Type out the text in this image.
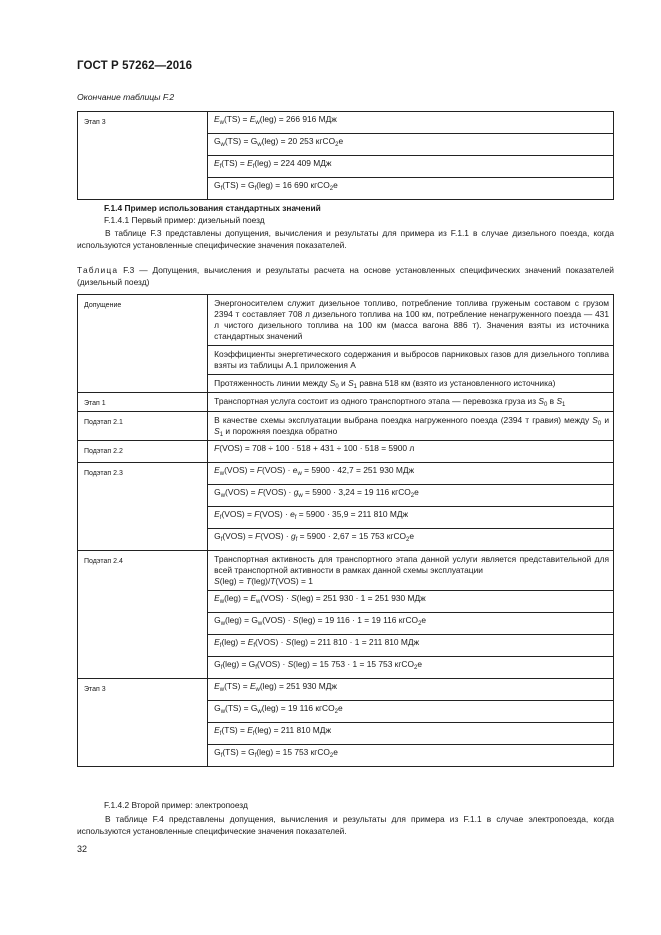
ГОСТ Р 57262—2016
Окончание таблицы F.2
Этап 3	$E_w(TS) = E_w(leg) = 266$ 916 МДж
$G_w(TS) = G_w(leg) = 20$ 253 кгCO$_2$e
$E_f(TS) = E_f(leg) = 224$ 409 МДж
$G_f(TS) = G_f(leg) = 16$ 690 кгCO$_2$e
F.1.4 Пример использования стандартных значений
F.1.4.1 Первый пример: дизельный поезд
В таблице F.3 представлены допущения, вычисления и результаты для примера из F.1.1 в случае дизельного поезда, когда используются установленные специфические значения показателей.
Таблица F.3 — Допущения, вычисления и результаты расчета на основе установленных специфических значений показателей (дизельный поезд)
Допущение	Энергоносителем служит дизельное топливо, потребление топлива груженым составом с грузом 2394 т составляет 708 л дизельного топлива на 100 км, потребление ненагруженного поезда — 431 л чистого дизельного топлива на 100 км (масса вагона 886 т). Значения взяты из источника стандартных значений
	Коэффициенты энергетического содержания и выбросов парниковых газов для дизельного топлива взяты из таблицы А.1 приложения А
	Протяженность линии между $S_0$ и $S_1$ равна 518 км (взято из установленного источника)
Этап 1	Транспортная услуга состоит из одного транспортного этапа — перевозка груза из $S_0$ в $S_1$
Подэтап 2.1	В качестве схемы эксплуатации выбрана поездка нагруженного поезда (2394 т гравия) между $S_0$ и $S_1$ и порожняя поездка обратно
Подэтап 2.2	F(VOS) = 708 ÷ 100 · 518 + 431 ÷ 100 · 518 = 5900 л
Подэтап 2.3	$E_w(VOS) = F(VOS) \cdot e_w = 5900 \cdot 42,7 = 251$ 930 МДж
	$G_w(VOS) = F(VOS) \cdot g_w = 5900 \cdot 3,24 = 19$ 116 кгCO$_2$e
	$E_f(VOS) = F(VOS) \cdot e_f = 5900 \cdot 35,9 = 211$ 810 МДж
	$G_f(VOS) = F(VOS) \cdot g_f = 5900 \cdot 2,67 = 15$ 753 кгCO$_2$e
Подэтап 2.4	Транспортная активность для транспортного этапа данной услуги является представительной для всей транспортной активности в рамках данной схемы эксплуатации
S(leg) = T(leg)/T(VOS) = 1
	$E_w(leg) = E_w(VOS) \cdot S(leg) = 251$ 930 · 1 = 251 930 МДж
	$G_w(leg) = G_w(VOS) \cdot S(leg) = 19$ 116 · 1 = 19 116 кгCO$_2$e
	$E_f(leg) = E_f(VOS) \cdot S(leg) = 211$ 810 · 1 = 211 810 МДж
	$G_f(leg) = G_f(VOS) \cdot S(leg) = 15$ 753 · 1 = 15 753 кгCO$_2$e
Этап 3	$E_w(TS) = E_w(leg) = 251$ 930 МДж
	$G_w(TS) = G_w(leg) = 19$ 116 кгCO$_2$e
	$E_f(TS) = E_f(leg) = 211$ 810 МДж
	$G_f(TS) = G_f(leg) = 15$ 753 кгCO$_2$e
F.1.4.2 Второй пример: электропоезд
В таблице F.4 представлены допущения, вычисления и результаты для примера из F.1.1 в случае электропоезда, когда используются установленные специфические значения показателей.
32
